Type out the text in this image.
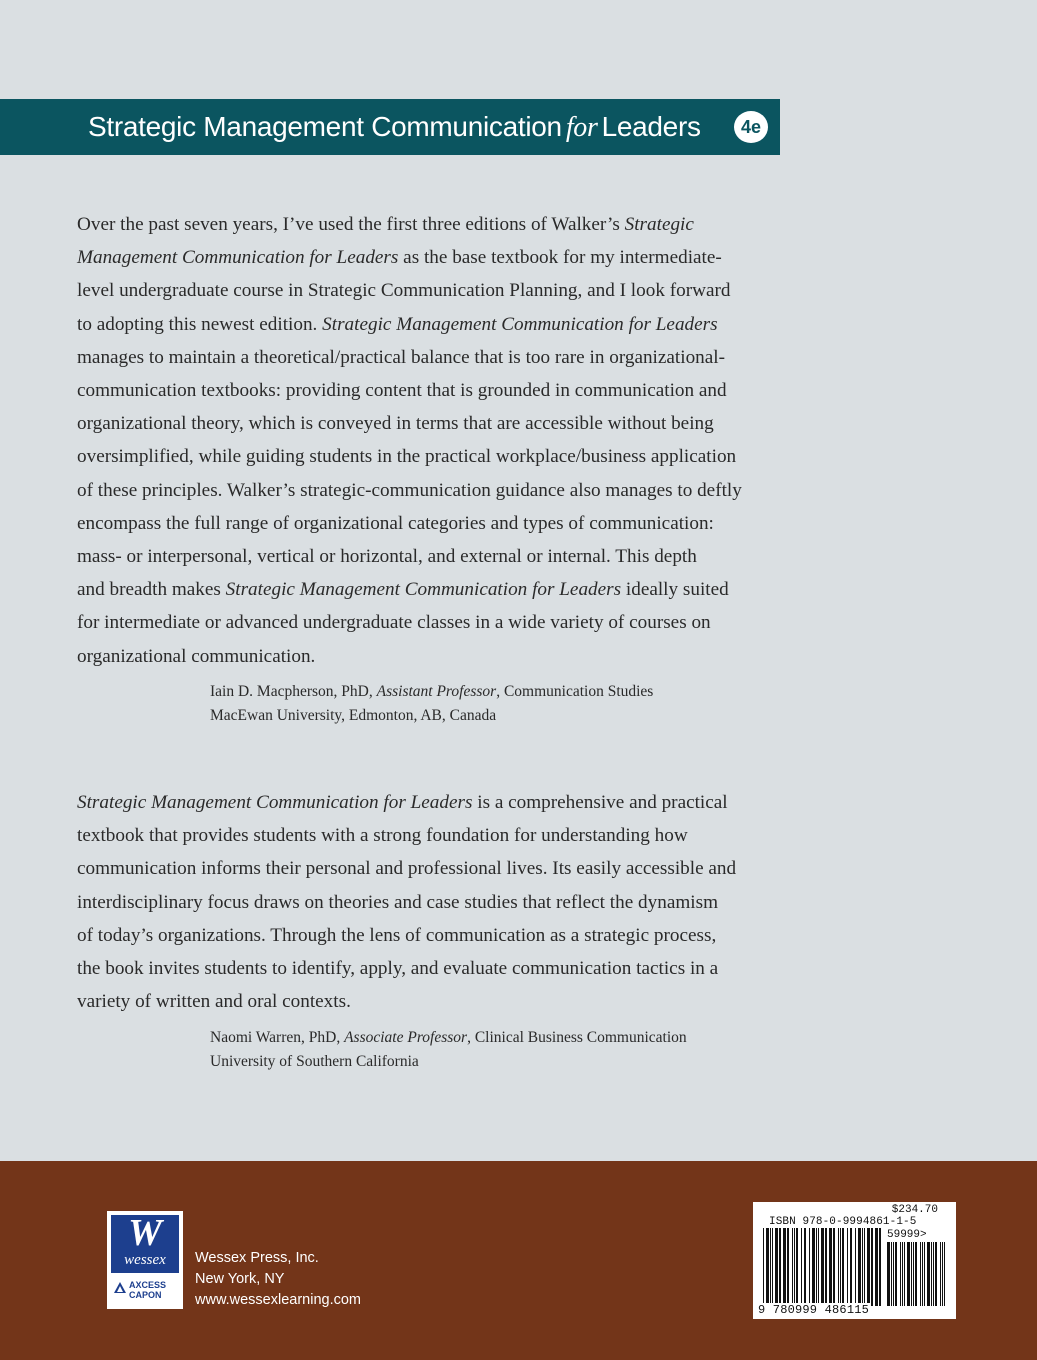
Strategic Management Communication for Leaders	4e
Over the past seven years, I’ve used the first three editions of Walker’s Strategic
Management Communication for Leaders as the base textbook for my intermediate-
level undergraduate course in Strategic Communication Planning, and I look forward
to adopting this newest edition. Strategic Management Communication for Leaders
manages to maintain a theoretical/practical balance that is too rare in organizational-
communication textbooks: providing content that is grounded in communication and
organizational theory, which is conveyed in terms that are accessible without being
oversimplified, while guiding students in the practical workplace/business application
of these principles. Walker’s strategic-communication guidance also manages to deftly
encompass the full range of organizational categories and types of communication:
mass- or interpersonal, vertical or horizontal, and external or internal. This depth
and breadth makes Strategic Management Communication for Leaders ideally suited
for intermediate or advanced undergraduate classes in a wide variety of courses on
organizational communication.
Iain D. Macpherson, PhD, Assistant Professor, Communication Studies
MacEwan University, Edmonton, AB, Canada
Strategic Management Communication for Leaders is a comprehensive and practical
textbook that provides students with a strong foundation for understanding how
communication informs their personal and professional lives. Its easily accessible and
interdisciplinary focus draws on theories and case studies that reflect the dynamism
of today’s organizations. Through the lens of communication as a strategic process,
the book invites students to identify, apply, and evaluate communication tactics in a
variety of written and oral contexts.
Naomi Warren, PhD, Associate Professor, Clinical Business Communication
University of Southern California
W
wessex
AXCESS
CAPON
Wessex Press, Inc.
New York, NY
www.wessexlearning.com
$234.70
ISBN 978-0-9994861-1-5
59999>
9 780999 486115
